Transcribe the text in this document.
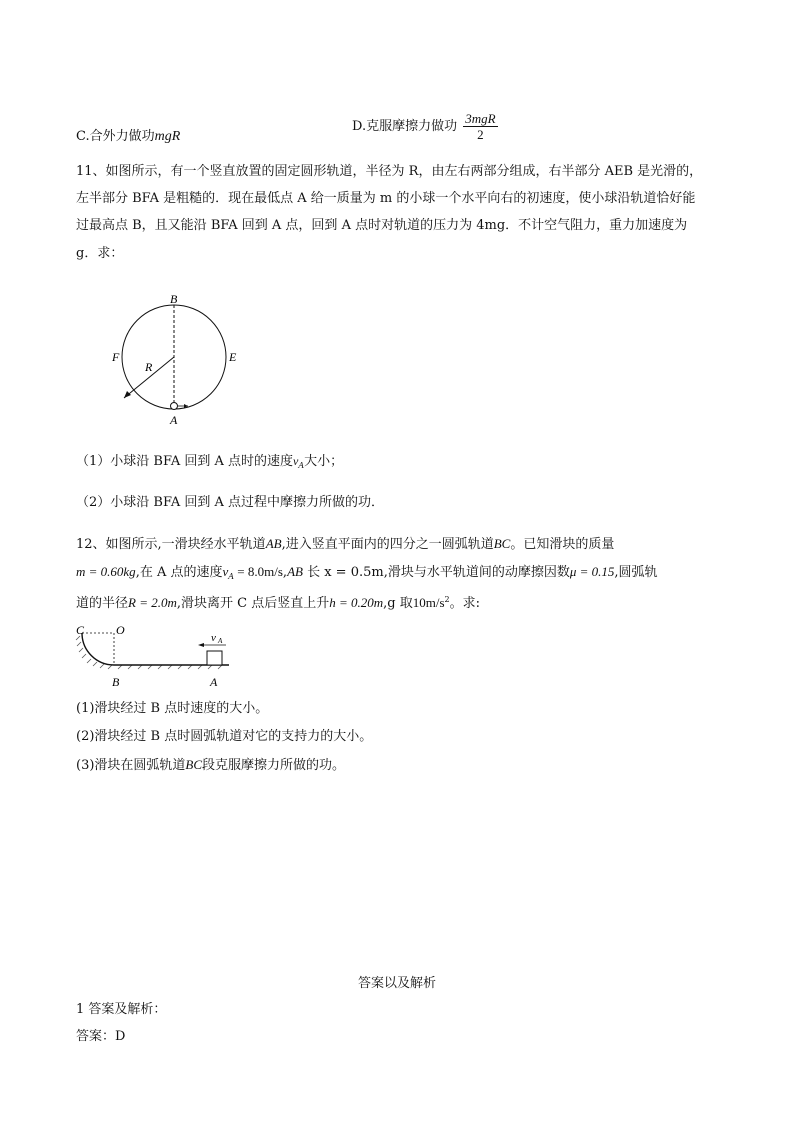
C.合外力做功mgR
D.克服摩擦力做功 $\frac{\text{3mgR}}{2}$
11、如图所示，有一个竖直放置的固定圆形轨道，半径为 R，由左右两部分组成，右半部分 AEB 是光滑的，
左半部分 BFA 是粗糙的．现在最低点 A 给一质量为 m 的小球一个水平向右的初速度，使小球沿轨道恰好能
过最高点 B，且又能沿 BFA 回到 A 点，回到 A 点时对轨道的压力为 4mg．不计空气阻力，重力加速度为
g．求：
B
A
F	E
R
（1）小球沿 BFA 回到 A 点时的速度$v_A$大小；
（2）小球沿 BFA 回到 A 点过程中摩擦力所做的功．
12、如图所示,一滑块经水平轨道AB,进入竖直平面内的四分之一圆弧轨道BC。已知滑块的质量
m = 0.60kg,在 A 点的速度$v_A = 8.0m/s,AB$ 长 x = 0.5m,滑块与水平轨道间的动摩擦因数μ = 0.15,圆弧轨
道的半径R = 2.0m,滑块离开 C 点后竖直上升h = 0.20m,g 取$10m/s^2$。求:
C	O
B	A
v A
(1)滑块经过 B 点时速度的大小。
(2)滑块经过 B 点时圆弧轨道对它的支持力的大小。
(3)滑块在圆弧轨道BC段克服摩擦力所做的功。
答案以及解析
1 答案及解析：
答案：D
